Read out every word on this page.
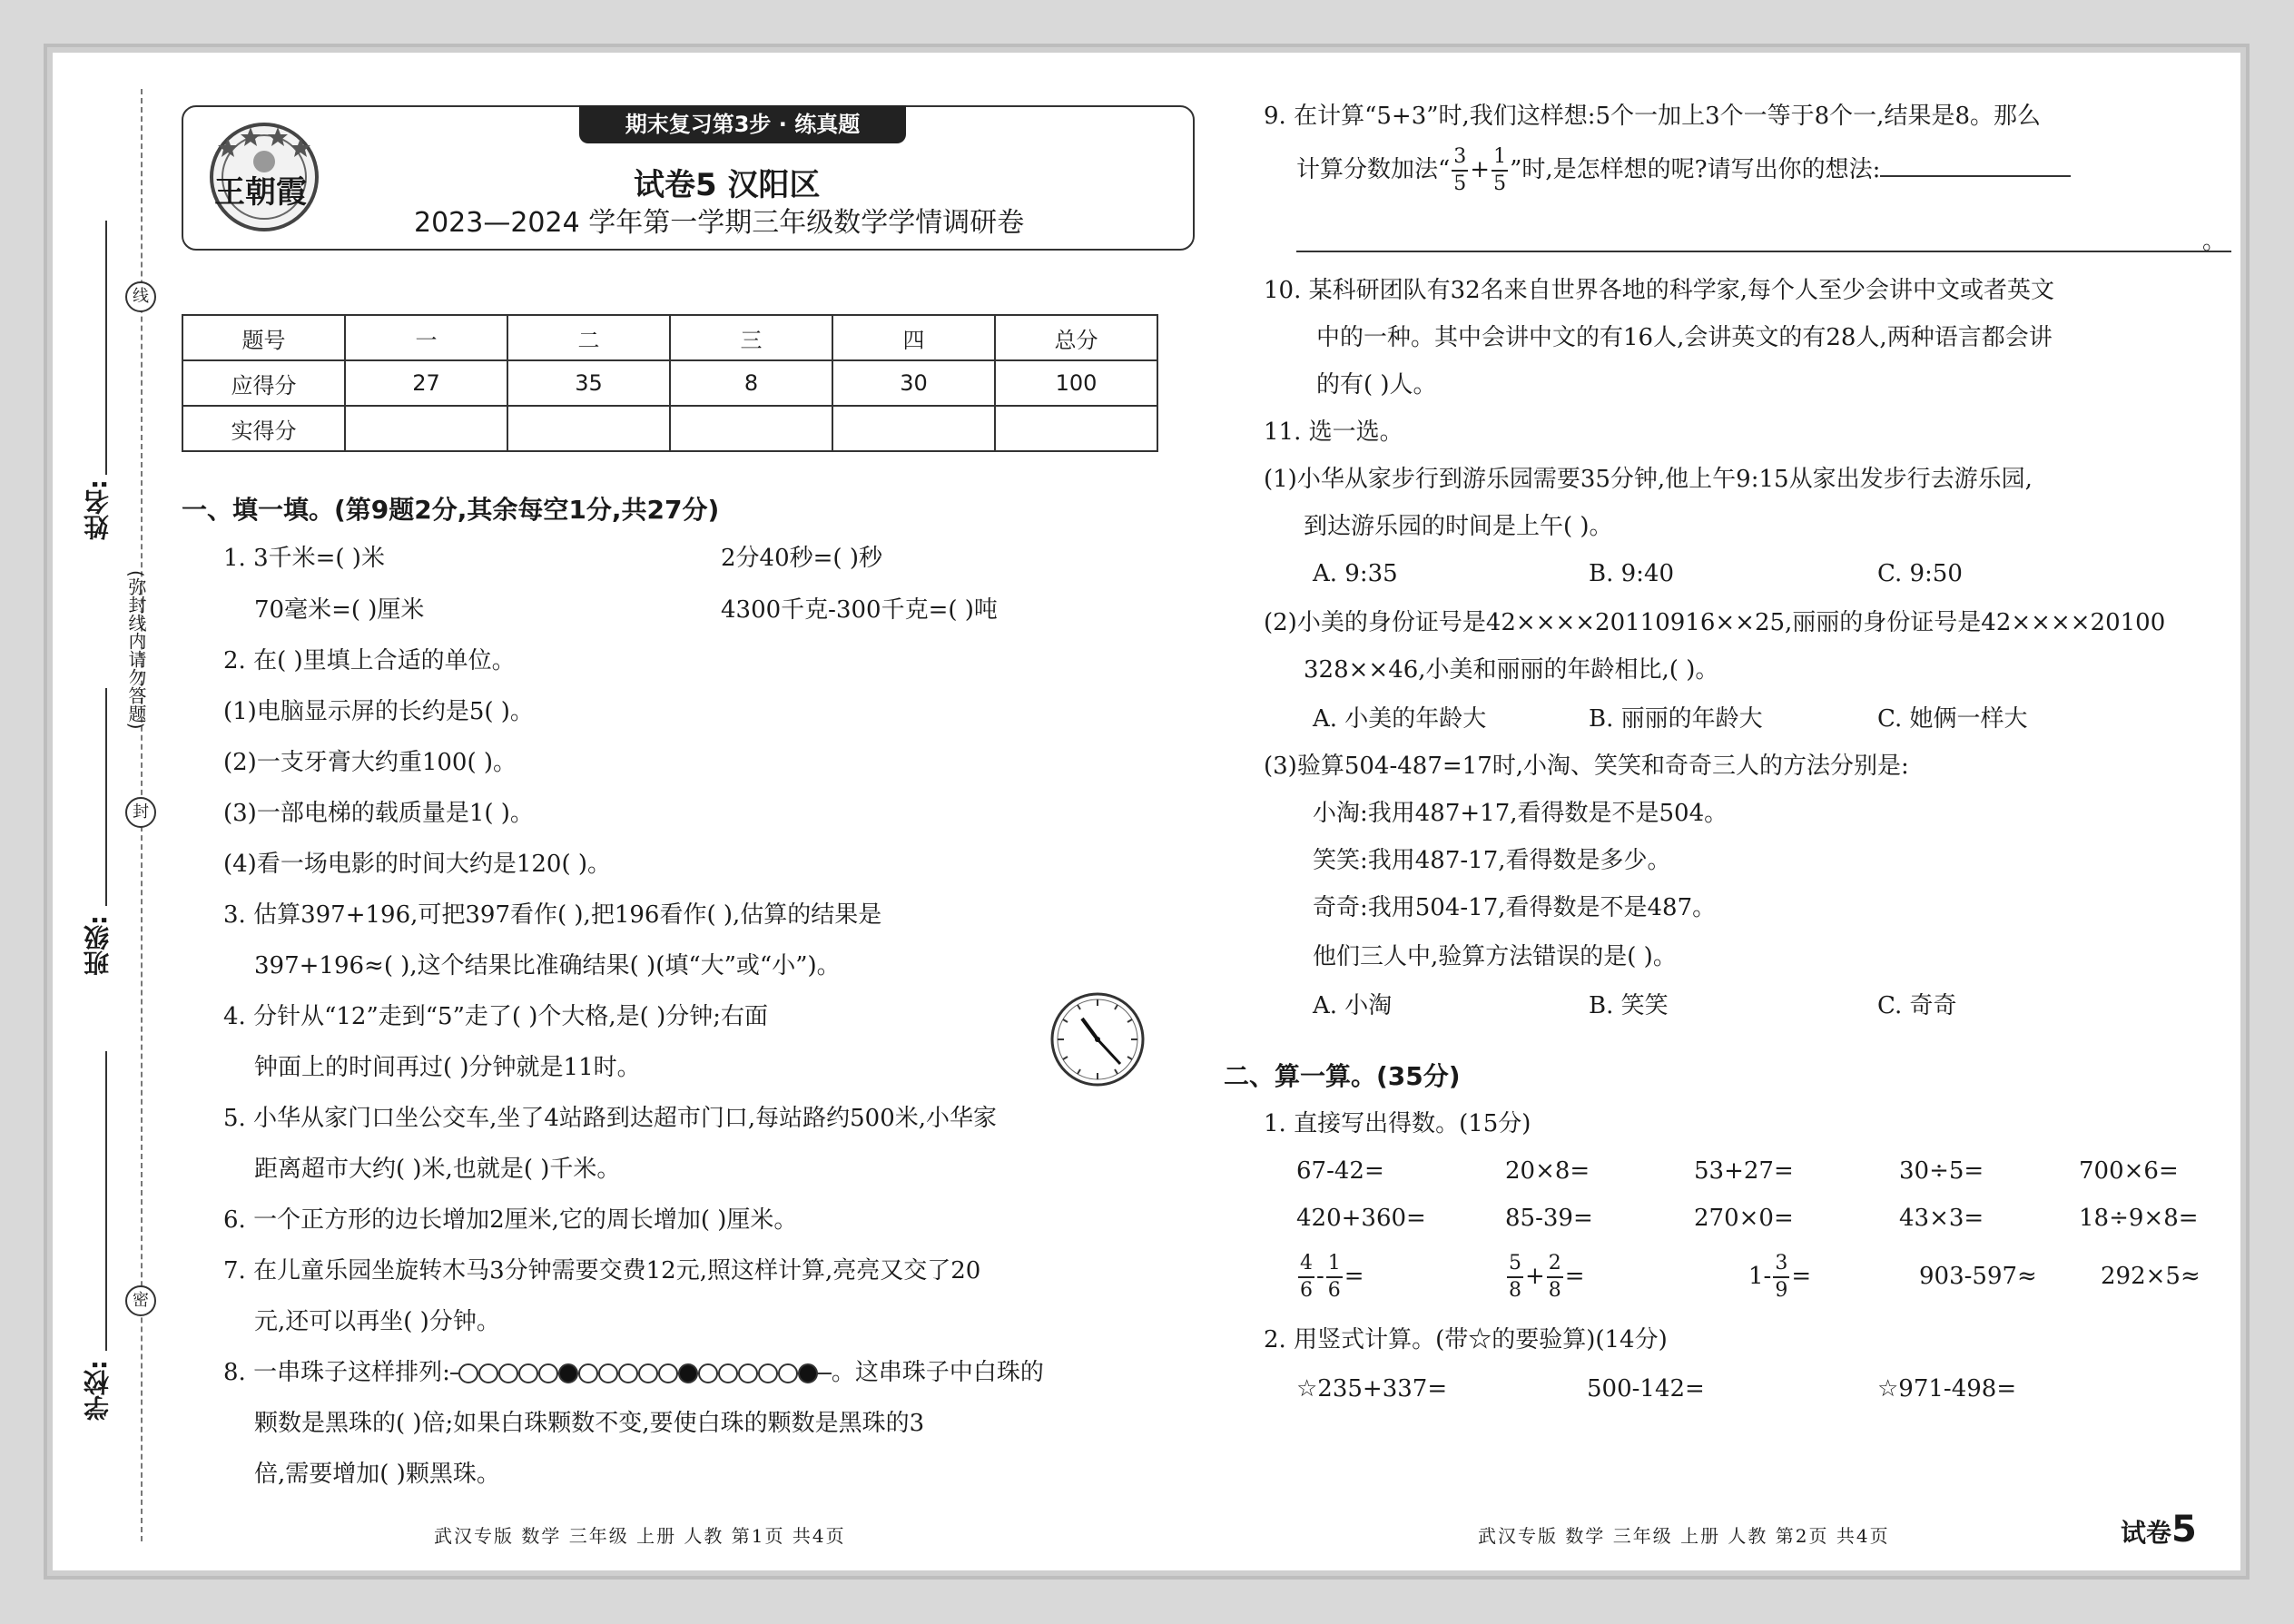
线
封
密
(弥封线内请勿答题)
姓名:
班级:
学校:
期末复习第3步 · 练真题
王朝霞	试卷5 汉阳区
2023—2024 学年第一学期三年级数学学情调研卷
题号	一	二	三	四	总分
应得分	27	35	8	30	100
实得分					
一、填一填。(第9题2分,其余每空1分,共27分)
1. 3千米=( )米	2分40秒=( )秒
70毫米=( )厘米	4300千克-300千克=( )吨
2. 在( )里填上合适的单位。
(1)电脑显示屏的长约是5( )。
(2)一支牙膏大约重100( )。
(3)一部电梯的载质量是1( )。
(4)看一场电影的时间大约是120( )。
3. 估算397+196,可把397看作( ),把196看作( ),估算的结果是
397+196≈( ),这个结果比准确结果( )(填“大”或“小”)。
4. 分针从“12”走到“5”走了( )个大格,是( )分钟;右面
钟面上的时间再过( )分钟就是11时。
5. 小华从家门口坐公交车,坐了4站路到达超市门口,每站路约500米,小华家
距离超市大约( )米,也就是( )千米。
6. 一个正方形的边长增加2厘米,它的周长增加( )厘米。
7. 在儿童乐园坐旋转木马3分钟需要交费12元,照这样计算,亮亮又交了20
元,还可以再坐( )分钟。
8. 一串珠子这样排列:	。这串珠子中白珠的
颗数是黑珠的( )倍;如果白珠颗数不变,要使白珠的颗数是黑珠的3
倍,需要增加( )颗黑珠。
武汉专版 数学 三年级 上册 人教 第1页 共4页
9. 在计算“5+3”时,我们这样想:5个一加上3个一等于8个一,结果是8。那么
计算分数加法“ $\frac{3}{5} + \frac{1}{5}$ ”时,是怎样想的呢?请写出你的想法:
。
10. 某科研团队有32名来自世界各地的科学家,每个人至少会讲中文或者英文
中的一种。其中会讲中文的有16人,会讲英文的有28人,两种语言都会讲
的有( )人。
11. 选一选。
(1)小华从家步行到游乐园需要35分钟,他上午9:15从家出发步行去游乐园,
到达游乐园的时间是上午( )。
A. 9:35	B. 9:40	C. 9:50
(2)小美的身份证号是42××××20110916××25,丽丽的身份证号是42××××20100
328××46,小美和丽丽的年龄相比,( )。
A. 小美的年龄大	B. 丽丽的年龄大	C. 她俩一样大
(3)验算504-487=17时,小淘、笑笑和奇奇三人的方法分别是:
小淘:我用487+17,看得数是不是504。
笑笑:我用487-17,看得数是多少。
奇奇:我用504-17,看得数是不是487。
他们三人中,验算方法错误的是( )。
A. 小淘	B. 笑笑	C. 奇奇
二、算一算。(35分)
1. 直接写出得数。(15分)
67-42=	20×8=	53+27=	30÷5=	700×6=
420+360=	85-39=	270×0=	43×3=	18÷9×8=
$\frac{4}{6} - \frac{1}{6}$ =	$\frac{5}{8} + \frac{2}{8}$ =	$1- \frac{3}{9}$ =	903-597≈	292×5≈
2. 用竖式计算。(带☆的要验算)(14分)
☆235+337=	500-142=	☆971-498=
武汉专版 数学 三年级 上册 人教 第2页 共4页	试卷5
